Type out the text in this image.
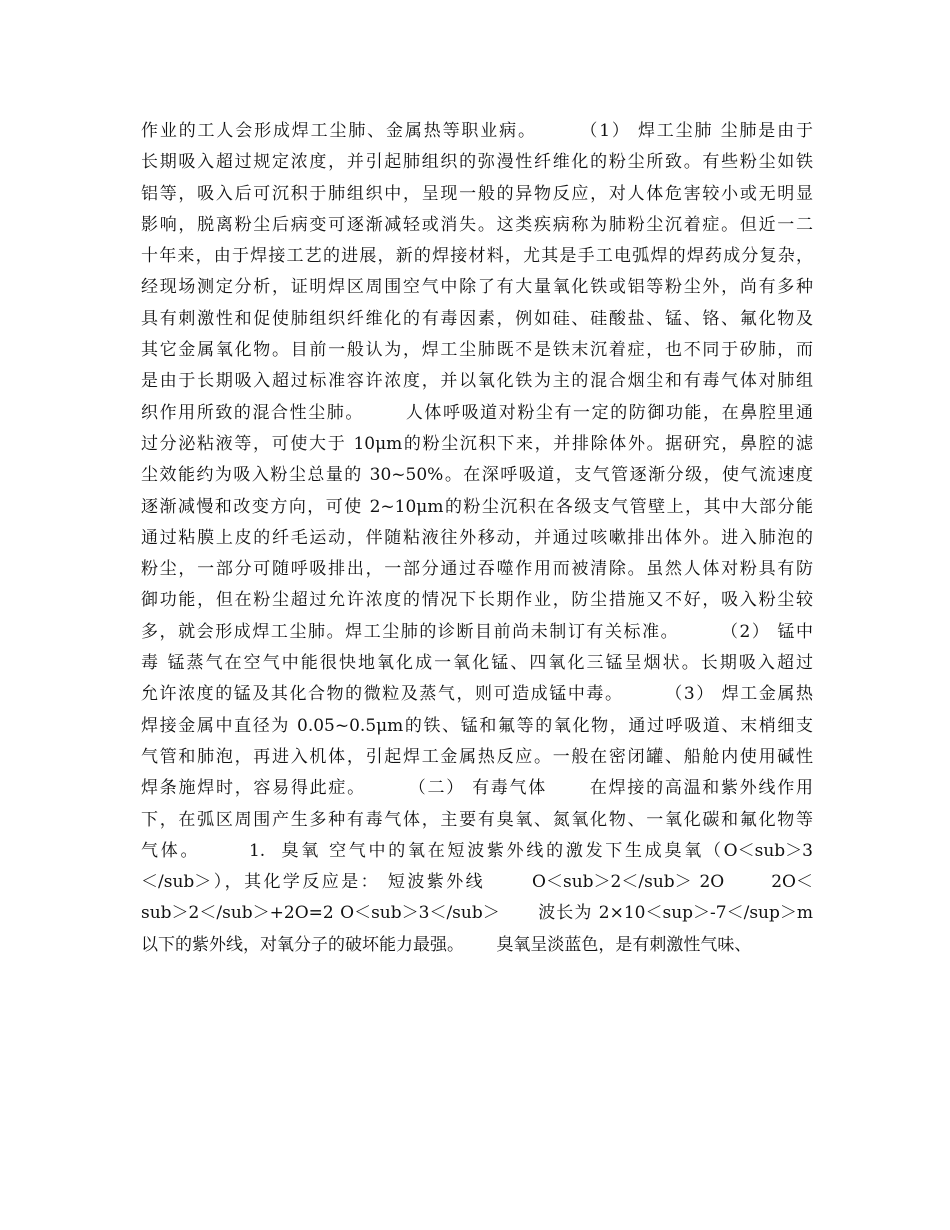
作业的工人会形成焊工尘肺、金属热等职业病。      （1） 焊工尘肺 尘肺是由于
长期吸入超过规定浓度，并引起肺组织的弥漫性纤维化的粉尘所致。有些粉尘如铁
铝等，吸入后可沉积于肺组织中，呈现一般的异物反应，对人体危害较小或无明显
影响，脱离粉尘后病变可逐渐减轻或消失。这类疾病称为肺粉尘沉着症。但近一二
十年来，由于焊接工艺的进展，新的焊接材料，尤其是手工电弧焊的焊药成分复杂，
经现场测定分析，证明焊区周围空气中除了有大量氧化铁或铝等粉尘外，尚有多种
具有刺激性和促使肺组织纤维化的有毒因素，例如硅、硅酸盐、锰、铬、氟化物及
其它金属氧化物。目前一般认为，焊工尘肺既不是铁末沉着症，也不同于矽肺，而
是由于长期吸入超过标准容许浓度，并以氧化铁为主的混合烟尘和有毒气体对肺组
织作用所致的混合性尘肺。      人体呼吸道对粉尘有一定的防御功能，在鼻腔里通
过分泌粘液等，可使大于 10μm的粉尘沉积下来，并排除体外。据研究，鼻腔的滤
尘效能约为吸入粉尘总量的 30~50%。在深呼吸道，支气管逐渐分级，使气流速度
逐渐减慢和改变方向，可使 2~10μm的粉尘沉积在各级支气管壁上，其中大部分能
通过粘膜上皮的纤毛运动，伴随粘液往外移动，并通过咳嗽排出体外。进入肺泡的
粉尘，一部分可随呼吸排出，一部分通过吞噬作用而被清除。虽然人体对粉具有防
御功能，但在粉尘超过允许浓度的情况下长期作业，防尘措施又不好，吸入粉尘较
多，就会形成焊工尘肺。焊工尘肺的诊断目前尚未制订有关标准。      （2） 锰中
毒 锰蒸气在空气中能很快地氧化成一氧化锰、四氧化三锰呈烟状。长期吸入超过
允许浓度的锰及其化合物的微粒及蒸气，则可造成锰中毒。      （3） 焊工金属热
焊接金属中直径为 0.05~0.5μm的铁、锰和氟等的氧化物，通过呼吸道、末梢细支
气管和肺泡，再进入机体，引起焊工金属热反应。一般在密闭罐、船舱内使用碱性
焊条施焊时，容易得此症。      （二） 有毒气体      在焊接的高温和紫外线作用
下，在弧区周围产生多种有毒气体，主要有臭氧、氮氧化物、一氧化碳和氟化物等
气体。      1.  臭氧 空气中的氧在短波紫外线的激发下生成臭氧（O＜sub＞3
＜/sub＞），其化学反应是： 短波紫外线      O＜sub＞2＜/sub＞ 2O      2O＜
sub＞2＜/sub＞+2O=2 O＜sub＞3＜/sub＞      波长为 2×10＜sup＞-7＜/sup＞m
以下的紫外线，对氧分子的破坏能力最强。      臭氧呈淡蓝色，是有刺激性气味、
